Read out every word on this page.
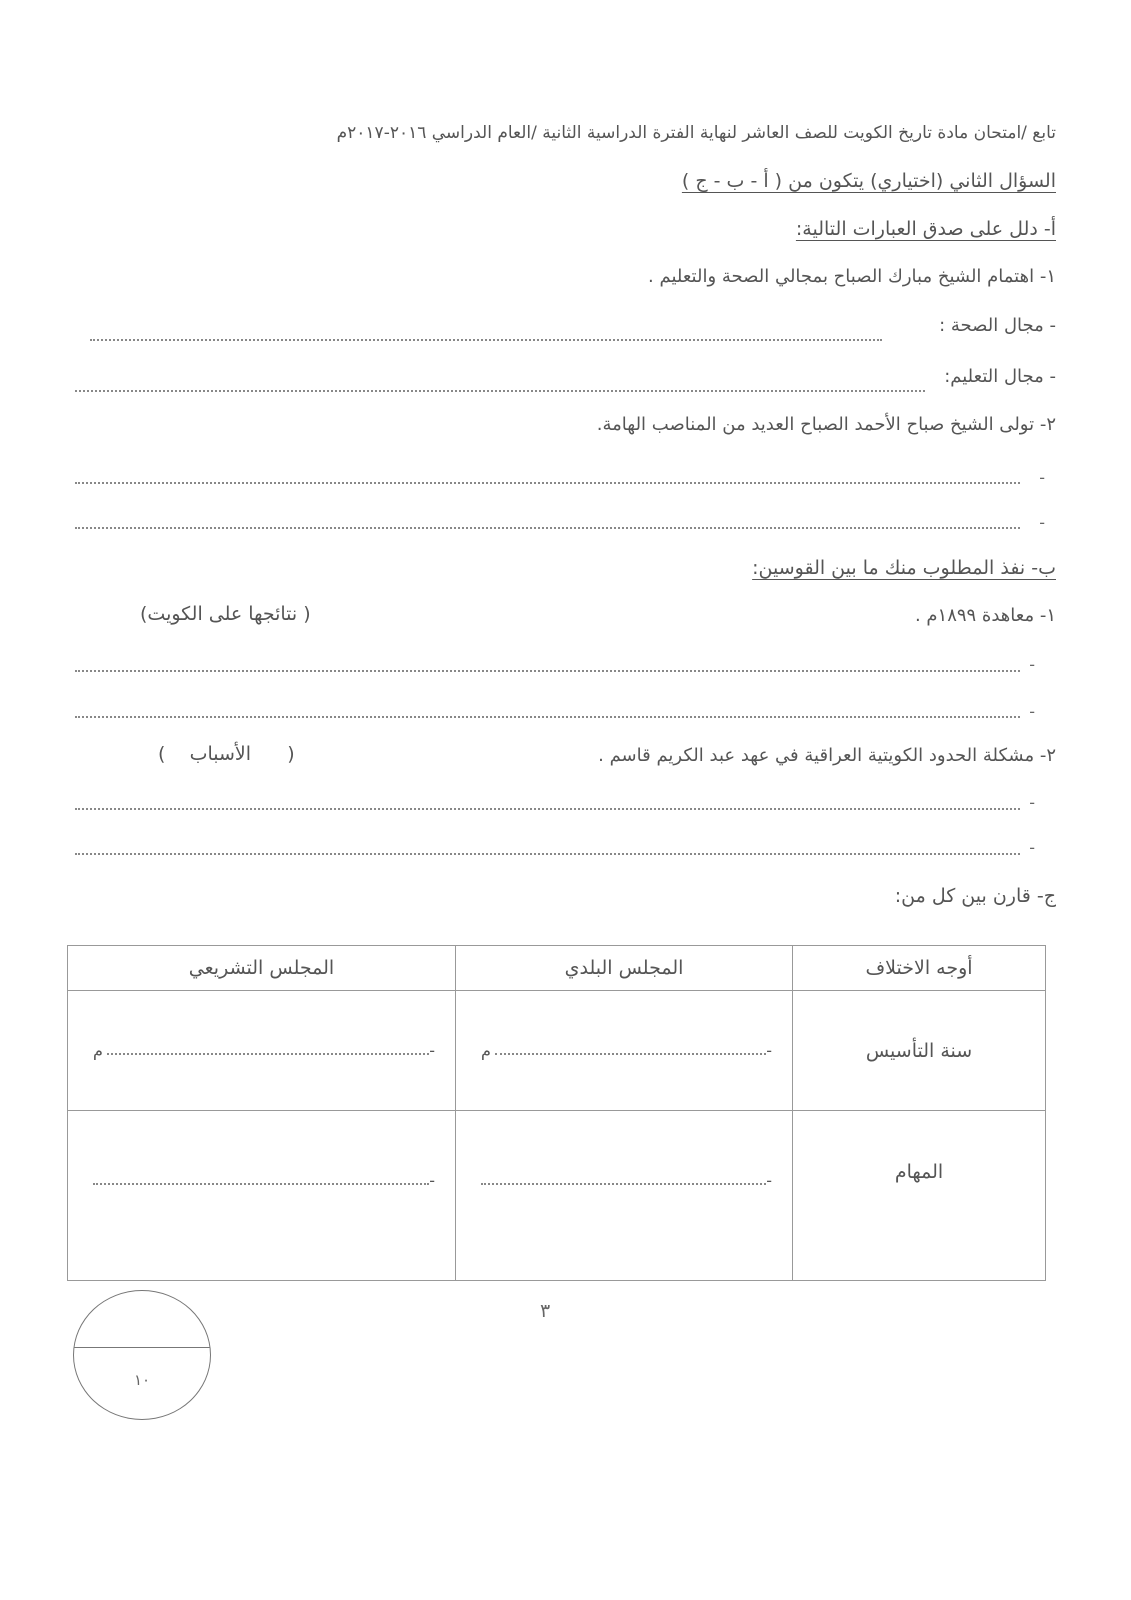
تابع /امتحان مادة تاريخ الكويت للصف العاشر لنهاية الفترة الدراسية الثانية /العام الدراسي ٢٠١٦-٢٠١٧م
السؤال الثاني (اختياري) يتكون من ( أ - ب - ج )
أ- دلل على صدق العبارات التالية:
١- اهتمام الشيخ مبارك الصباح بمجالي الصحة والتعليم .
- مجال الصحة :
- مجال التعليم:
٢- تولى الشيخ صباح الأحمد الصباح العديد من المناصب الهامة.
-
-
ب- نفذ المطلوب منك ما بين القوسين:
١- معاهدة ١٨٩٩م .
( نتائجها على الكويت)
-
-
٢- مشكلة الحدود الكويتية العراقية في عهد عبد الكريم قاسم .
(      الأسباب    )
-
-
ج- قارن بين كل من:
أوجه الاختلاف	المجلس البلدي	المجلس التشريعي
سنة التأسيس	م -	م -

المهام	-	-
٣
١٠
